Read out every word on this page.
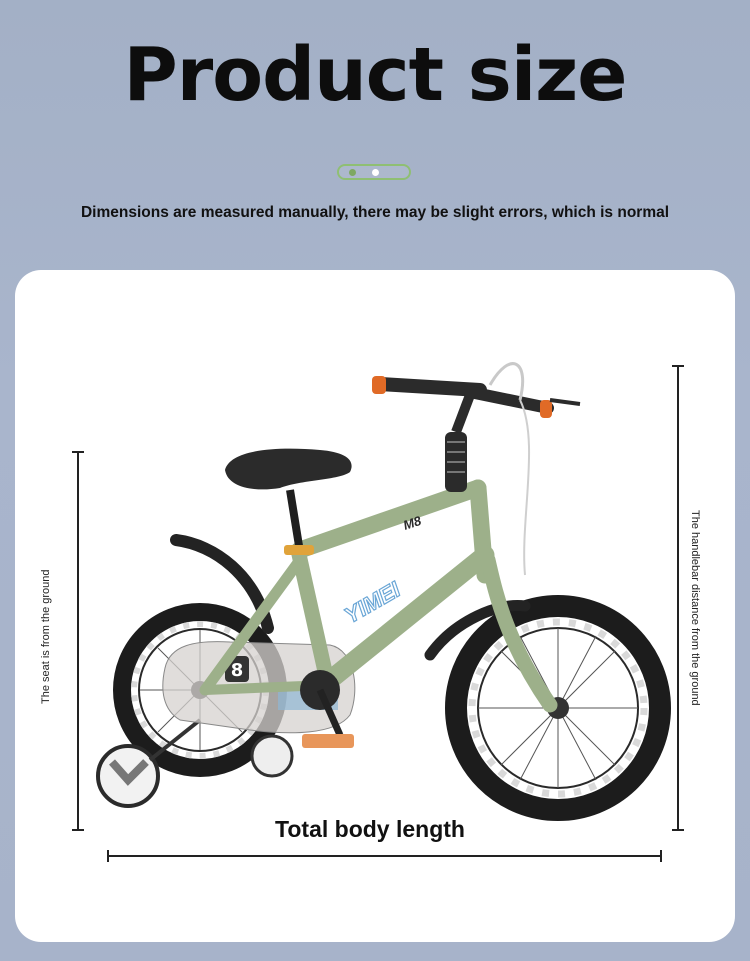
Product size
Dimensions are measured manually, there may be slight errors, which is normal
8
YIMEI
M8
The seat is from the ground	The handlebar distance from the ground
Total body length
